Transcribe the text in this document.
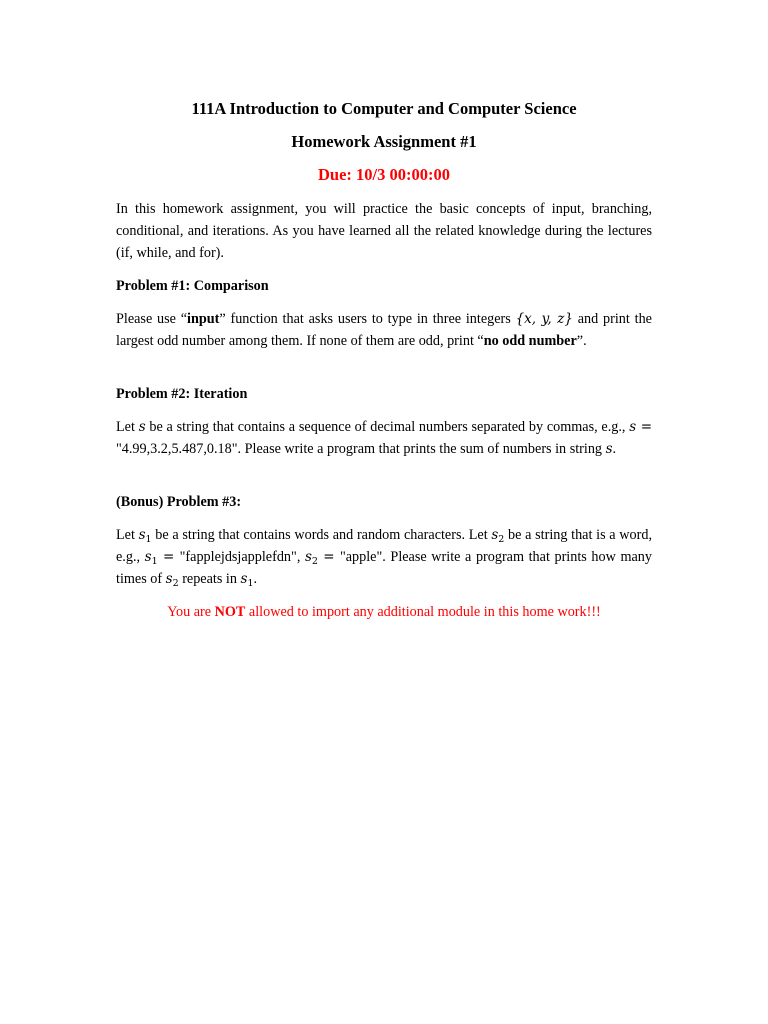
111A Introduction to Computer and Computer Science
Homework Assignment #1
Due: 10/3 00:00:00

In this homework assignment, you will practice the basic concepts of input, branching, conditional, and iterations. As you have learned all the related knowledge during the lectures (if, while, and for).

Problem #1: Comparison

Please use “input” function that asks users to type in three integers {x, y, z} and print the largest odd number among them. If none of them are odd, print “no odd number”.

Problem #2: Iteration

Let s be a string that contains a sequence of decimal numbers separated by commas, e.g., s = "4.99,3.2,5.487,0.18". Please write a program that prints the sum of numbers in string s.

(Bonus) Problem #3:

Let $s_1$ be a string that contains words and random characters. Let $s_2$ be a string that is a word, e.g., $s_1$ = "fapplejdsjapplefdn", $s_2$ = "apple". Please write a program that prints how many times of $s_2$ repeats in $s_1$.

You are NOT allowed to import any additional module in this home work!!!
